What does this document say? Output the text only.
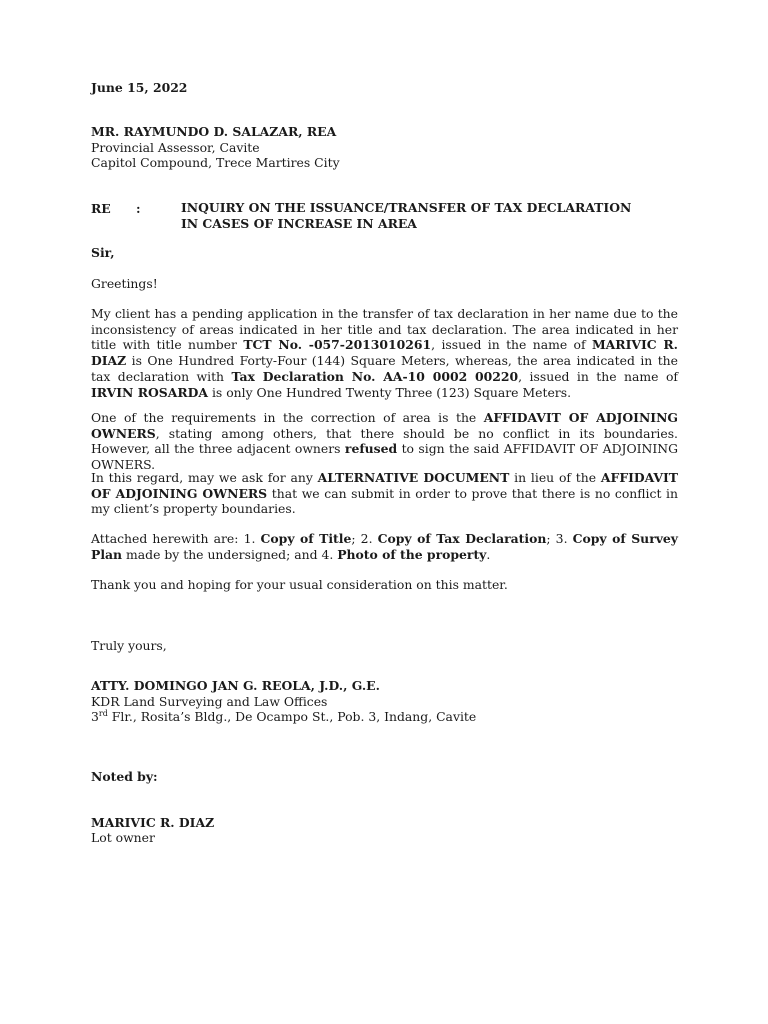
June 15, 2022
MR. RAYMUNDO D. SALAZAR, REA
Provincial Assessor, Cavite
Capitol Compound, Trece Martires City
RE :	INQUIRY ON THE ISSUANCE/TRANSFER OF TAX DECLARATION
IN CASES OF INCREASE IN AREA
Sir,
Greetings!
My client has a pending application in the transfer of tax declaration in her name due to the inconsistency of areas indicated in her title and tax declaration. The area indicated in her title with title number TCT No. -057-2013010261, issued in the name of MARIVIC R. DIAZ is One Hundred Forty-Four (144) Square Meters, whereas, the area indicated in the tax declaration with Tax Declaration No. AA-10 0002 00220, issued in the name of IRVIN ROSARDA is only One Hundred Twenty Three (123) Square Meters.
One of the requirements in the correction of area is the AFFIDAVIT OF ADJOINING OWNERS, stating among others, that there should be no conflict in its boundaries. However, all the three adjacent owners refused to sign the said AFFIDAVIT OF ADJOINING OWNERS.
In this regard, may we ask for any ALTERNATIVE DOCUMENT in lieu of the AFFIDAVIT OF ADJOINING OWNERS that we can submit in order to prove that there is no conflict in my client’s property boundaries.
Attached herewith are: 1. Copy of Title; 2. Copy of Tax Declaration; 3. Copy of Survey Plan made by the undersigned; and 4. Photo of the property.
Thank you and hoping for your usual consideration on this matter.
Truly yours,
ATTY. DOMINGO JAN G. REOLA, J.D., G.E.
KDR Land Surveying and Law Offices
3rd Flr., Rosita’s Bldg., De Ocampo St., Pob. 3, Indang, Cavite
Noted by:
MARIVIC R. DIAZ
Lot owner
